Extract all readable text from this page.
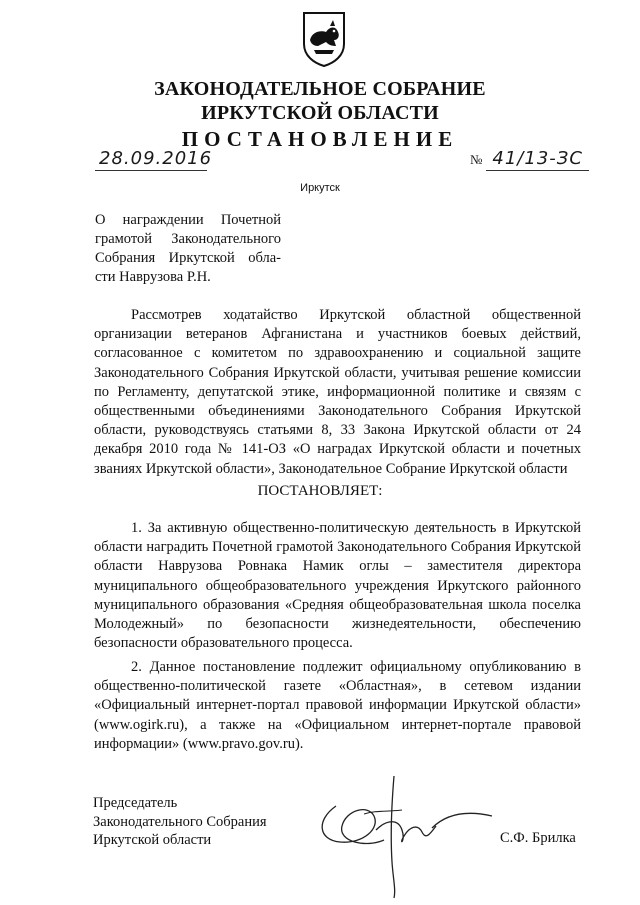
ЗАКОНОДАТЕЛЬНОЕ СОБРАНИЕ
ИРКУТСКОЙ ОБЛАСТИ
ПОСТАНОВЛЕНИЕ
28.09.2016	№ 41/13-ЗС
Иркутск
О награждении Почетной
грамотой Законодательного
Собрания Иркутской обла-
сти Наврузова Р.Н.
Рассмотрев ходатайство Иркутской областной общественной организации ветеранов Афганистана и участников боевых действий, согласованное с комитетом по здравоохранению и социальной защите Законодательного Собрания Иркутской области, учитывая решение комиссии по Регламенту, депутатской этике, информационной политике и связям с общественными объединениями Законодательного Собрания Иркутской области, руководствуясь статьями 8, 33 Закона Иркутской области от 24 декабря 2010 года № 141-ОЗ «О наградах Иркутской области и почетных званиях Иркутской области», Законодательное Собрание Иркутской области
ПОСТАНОВЛЯЕТ:
1. За активную общественно-политическую деятельность в Иркутской области наградить Почетной грамотой Законодательного Собрания Иркутской области Наврузова Ровнака Намик оглы – заместителя директора муниципального общеобразовательного учреждения Иркутского районного муниципального образования «Средняя общеобразовательная школа поселка Молодежный» по безопасности жизнедеятельности, обеспечению безопасности образовательного процесса.
2. Данное постановление подлежит официальному опубликованию в общественно-политической газете «Областная», в сетевом издании «Официальный интернет-портал правовой информации Иркутской области» (www.ogirk.ru), а также на «Официальном интернет-портале правовой информации» (www.pravo.gov.ru).
Председатель
Законодательного Собрания
Иркутской области	С.Ф. Брилка
